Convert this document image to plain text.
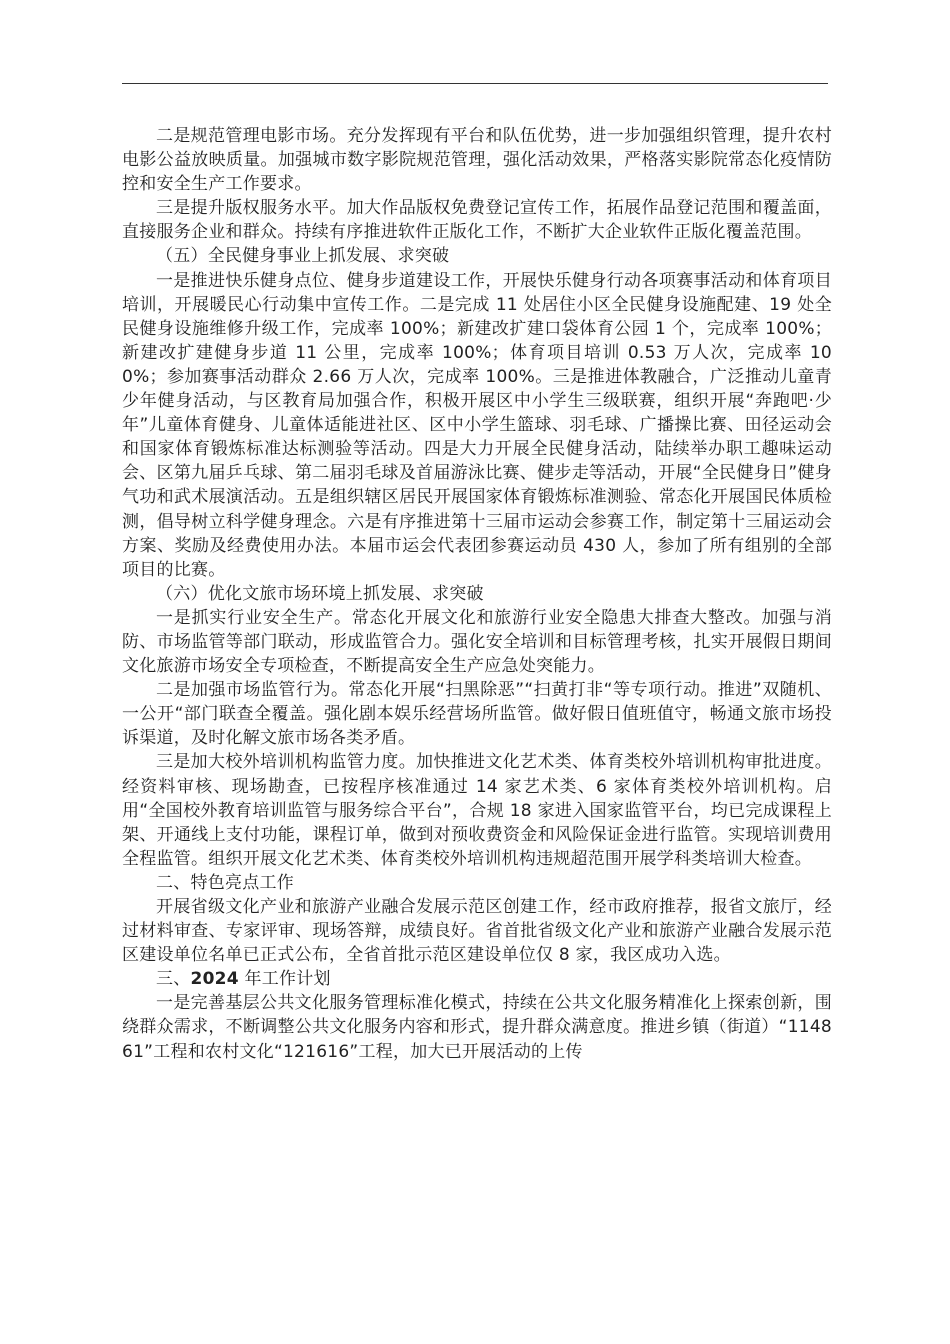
二是规范管理电影市场。充分发挥现有平台和队伍优势，进一步加强组织管理，提升农村电影公益放映质量。加强城市数字影院规范管理，强化活动效果，严格落实影院常态化疫情防控和安全生产工作要求。

三是提升版权服务水平。加大作品版权免费登记宣传工作，拓展作品登记范围和覆盖面，直接服务企业和群众。持续有序推进软件正版化工作，不断扩大企业软件正版化覆盖范围。

（五）全民健身事业上抓发展、求突破

一是推进快乐健身点位、健身步道建设工作，开展快乐健身行动各项赛事活动和体育项目培训，开展暖民心行动集中宣传工作。二是完成 11 处居住小区全民健身设施配建、19 处全民健身设施维修升级工作，完成率 100%；新建改扩建口袋体育公园 1 个，完成率 100%；新建改扩建健身步道 11 公里，完成率 100%；体育项目培训 0.53 万人次，完成率 100%；参加赛事活动群众 2.66 万人次，完成率 100%。三是推进体教融合，广泛推动儿童青少年健身活动，与区教育局加强合作，积极开展区中小学生三级联赛，组织开展“奔跑吧·少年”儿童体育健身、儿童体适能进社区、区中小学生篮球、羽毛球、广播操比赛、田径运动会和国家体育锻炼标准达标测验等活动。四是大力开展全民健身活动，陆续举办职工趣味运动会、区第九届乒乓球、第二届羽毛球及首届游泳比赛、健步走等活动，开展“全民健身日”健身气功和武术展演活动。五是组织辖区居民开展国家体育锻炼标准测验、常态化开展国民体质检测，倡导树立科学健身理念。六是有序推进第十三届市运动会参赛工作，制定第十三届运动会方案、奖励及经费使用办法。本届市运会代表团参赛运动员 430 人，参加了所有组别的全部项目的比赛。

（六）优化文旅市场环境上抓发展、求突破

一是抓实行业安全生产。常态化开展文化和旅游行业安全隐患大排查大整改。加强与消防、市场监管等部门联动，形成监管合力。强化安全培训和目标管理考核，扎实开展假日期间文化旅游市场安全专项检查，不断提高安全生产应急处突能力。

二是加强市场监管行为。常态化开展“扫黑除恶”“扫黄打非“等专项行动。推进”双随机、一公开“部门联查全覆盖。强化剧本娱乐经营场所监管。做好假日值班值守，畅通文旅市场投诉渠道，及时化解文旅市场各类矛盾。

三是加大校外培训机构监管力度。加快推进文化艺术类、体育类校外培训机构审批进度。经资料审核、现场勘查，已按程序核准通过 14 家艺术类、6 家体育类校外培训机构。启用“全国校外教育培训监管与服务综合平台”，合规 18 家进入国家监管平台，均已完成课程上架、开通线上支付功能，课程订单，做到对预收费资金和风险保证金进行监管。实现培训费用全程监管。组织开展文化艺术类、体育类校外培训机构违规超范围开展学科类培训大检查。

二、特色亮点工作

开展省级文化产业和旅游产业融合发展示范区创建工作，经市政府推荐，报省文旅厅，经过材料审查、专家评审、现场答辩，成绩良好。省首批省级文化产业和旅游产业融合发展示范区建设单位名单已正式公布，全省首批示范区建设单位仅 8 家，我区成功入选。

三、2024 年工作计划

一是完善基层公共文化服务管理标准化模式，持续在公共文化服务精准化上探索创新，围绕群众需求，不断调整公共文化服务内容和形式，提升群众满意度。推进乡镇（街道）“114861”工程和农村文化“121616”工程，加大已开展活动的上传
